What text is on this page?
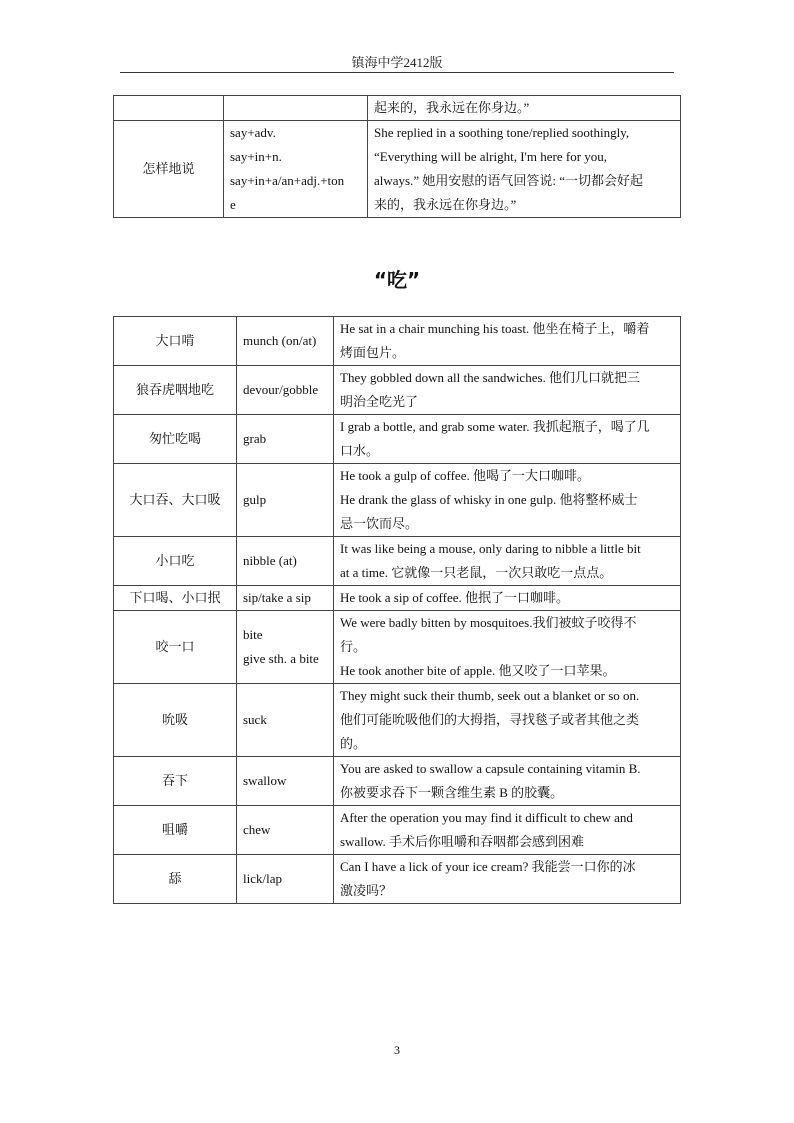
镇海中学2412版

		起来的，我永远在你身边。”

怎样地说	say+adv.
say+in+n.
say+in+a/an+adj.+ton
e	She replied in a soothing tone/replied soothingly,
“Everything will be alright, I'm here for you,
always.” 她用安慰的语气回答说: “一切都会好起
来的，我永远在你身边。”
“吃”
大口啃	munch (on/at)	He sat in a chair munching his toast. 他坐在椅子上，嚼着
烤面包片。

狼吞虎咽地吃	devour/gobble	They gobbled down all the sandwiches. 他们几口就把三
明治全吃光了

匆忙吃喝	grab	I grab a bottle, and grab some water. 我抓起瓶子，喝了几
口水。

大口吞、大口吸	gulp	He took a gulp of coffee. 他喝了一大口咖啡。
He drank the glass of whisky in one gulp. 他将整杯威士
忌一饮而尽。

小口吃	nibble (at)	It was like being a mouse, only daring to nibble a little bit
at a time. 它就像一只老鼠，一次只敢吃一点点。

下口喝、小口抿	sip/take a sip	He took a sip of coffee. 他抿了一口咖啡。

咬一口	bite
give sth. a bite	We were badly bitten by mosquitoes.我们被蚊子咬得不
行。
He took another bite of apple. 他又咬了一口苹果。

吮吸	suck	They might suck their thumb, seek out a blanket or so on.
他们可能吮吸他们的大拇指，寻找毯子或者其他之类
的。

吞下	swallow	You are asked to swallow a capsule containing vitamin B.
你被要求吞下一颗含维生素 B 的胶囊。

咀嚼	chew	After the operation you may find it difficult to chew and
swallow. 手术后你咀嚼和吞咽都会感到困难

舔	lick/lap	Can I have a lick of your ice cream? 我能尝一口你的冰
激凌吗？
3
